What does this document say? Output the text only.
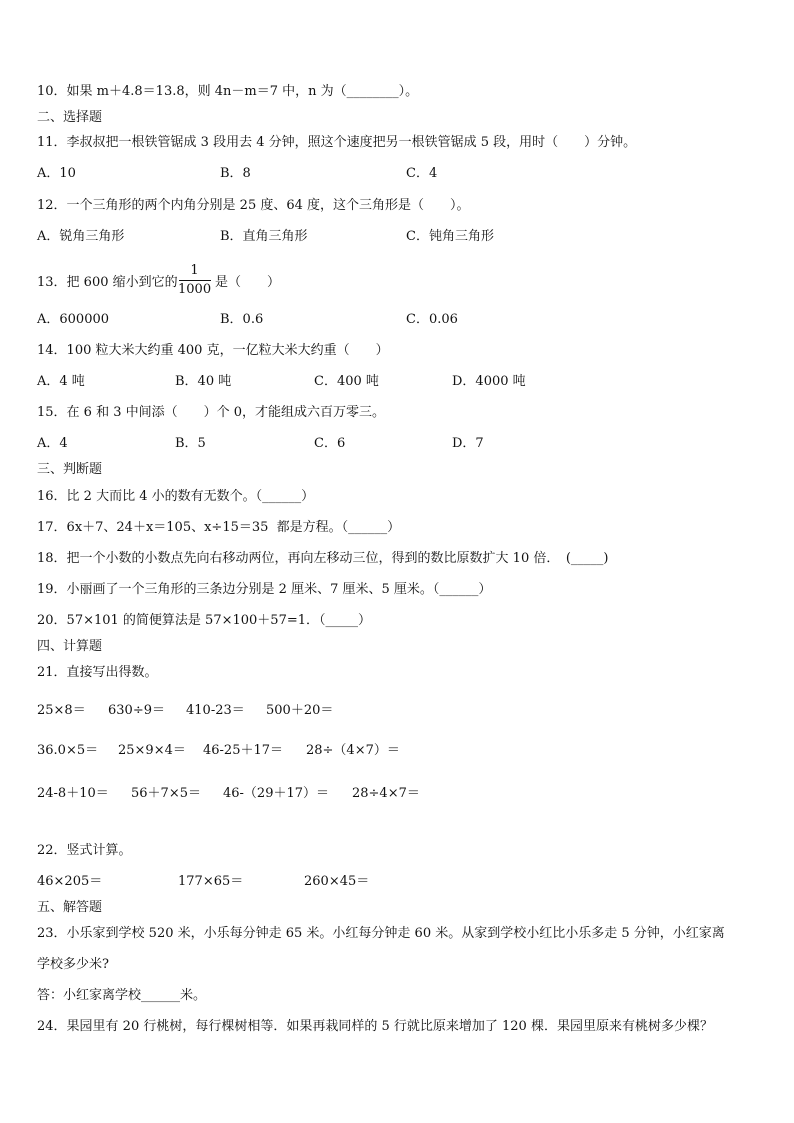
10．如果 m＋4.8＝13.8，则 4n－m＝7 中，n 为（________）。
二、选择题
11．李叔叔把一根铁管锯成 3 段用去 4 分钟，照这个速度把另一根铁管锯成 5 段，用时（　　）分钟。
A．10	B．8	C．4
12．一个三角形的两个内角分别是 25 度、64 度，这个三角形是（　　）。
A．锐角三角形	B．直角三角形	C．钝角三角形
13．把 600 缩小到它的
1
1000 是（　　）
A．600000	B．0.6	C．0.06
14．100 粒大米大约重 400 克，一亿粒大米大约重（　　）
A．4 吨	B．40 吨	C．400 吨	D．4000 吨
15．在 6 和 3 中间添（　　）个 0，才能组成六百万零三。
A．4	B．5	C．6	D．7
三、判断题
16．比 2 大而比 4 小的数有无数个。（______）
17．6x＋7、24＋x＝105、x÷15＝35  都是方程。（______）
18．把一个小数的小数点先向右移动两位，再向左移动三位，得到的数比原数扩大 10 倍．　(_____)
19．小丽画了一个三角形的三条边分别是 2 厘米、7 厘米、5 厘米。（______）
20．57×101 的简便算法是 57×100＋57=1．（_____）
四、计算题
21．直接写出得数。
25×8＝ 630÷9＝ 410-23＝ 500＋20＝
36.0×5＝ 25×9×4＝ 46-25＋17＝ 28÷（4×7）＝
24-8＋10＝ 56＋7×5＝ 46-（29＋17）＝ 28÷4×7＝
22．竖式计算。
46×205＝	177×65＝	260×45＝
五、解答题
23．小乐家到学校 520 米，小乐每分钟走 65 米。小红每分钟走 60 米。从家到学校小红比小乐多走 5 分钟，小红家离
学校多少米?
答：小红家离学校______米。
24．果园里有 20 行桃树，每行棵树相等．如果再栽同样的 5 行就比原来增加了 120 棵．果园里原来有桃树多少棵？
